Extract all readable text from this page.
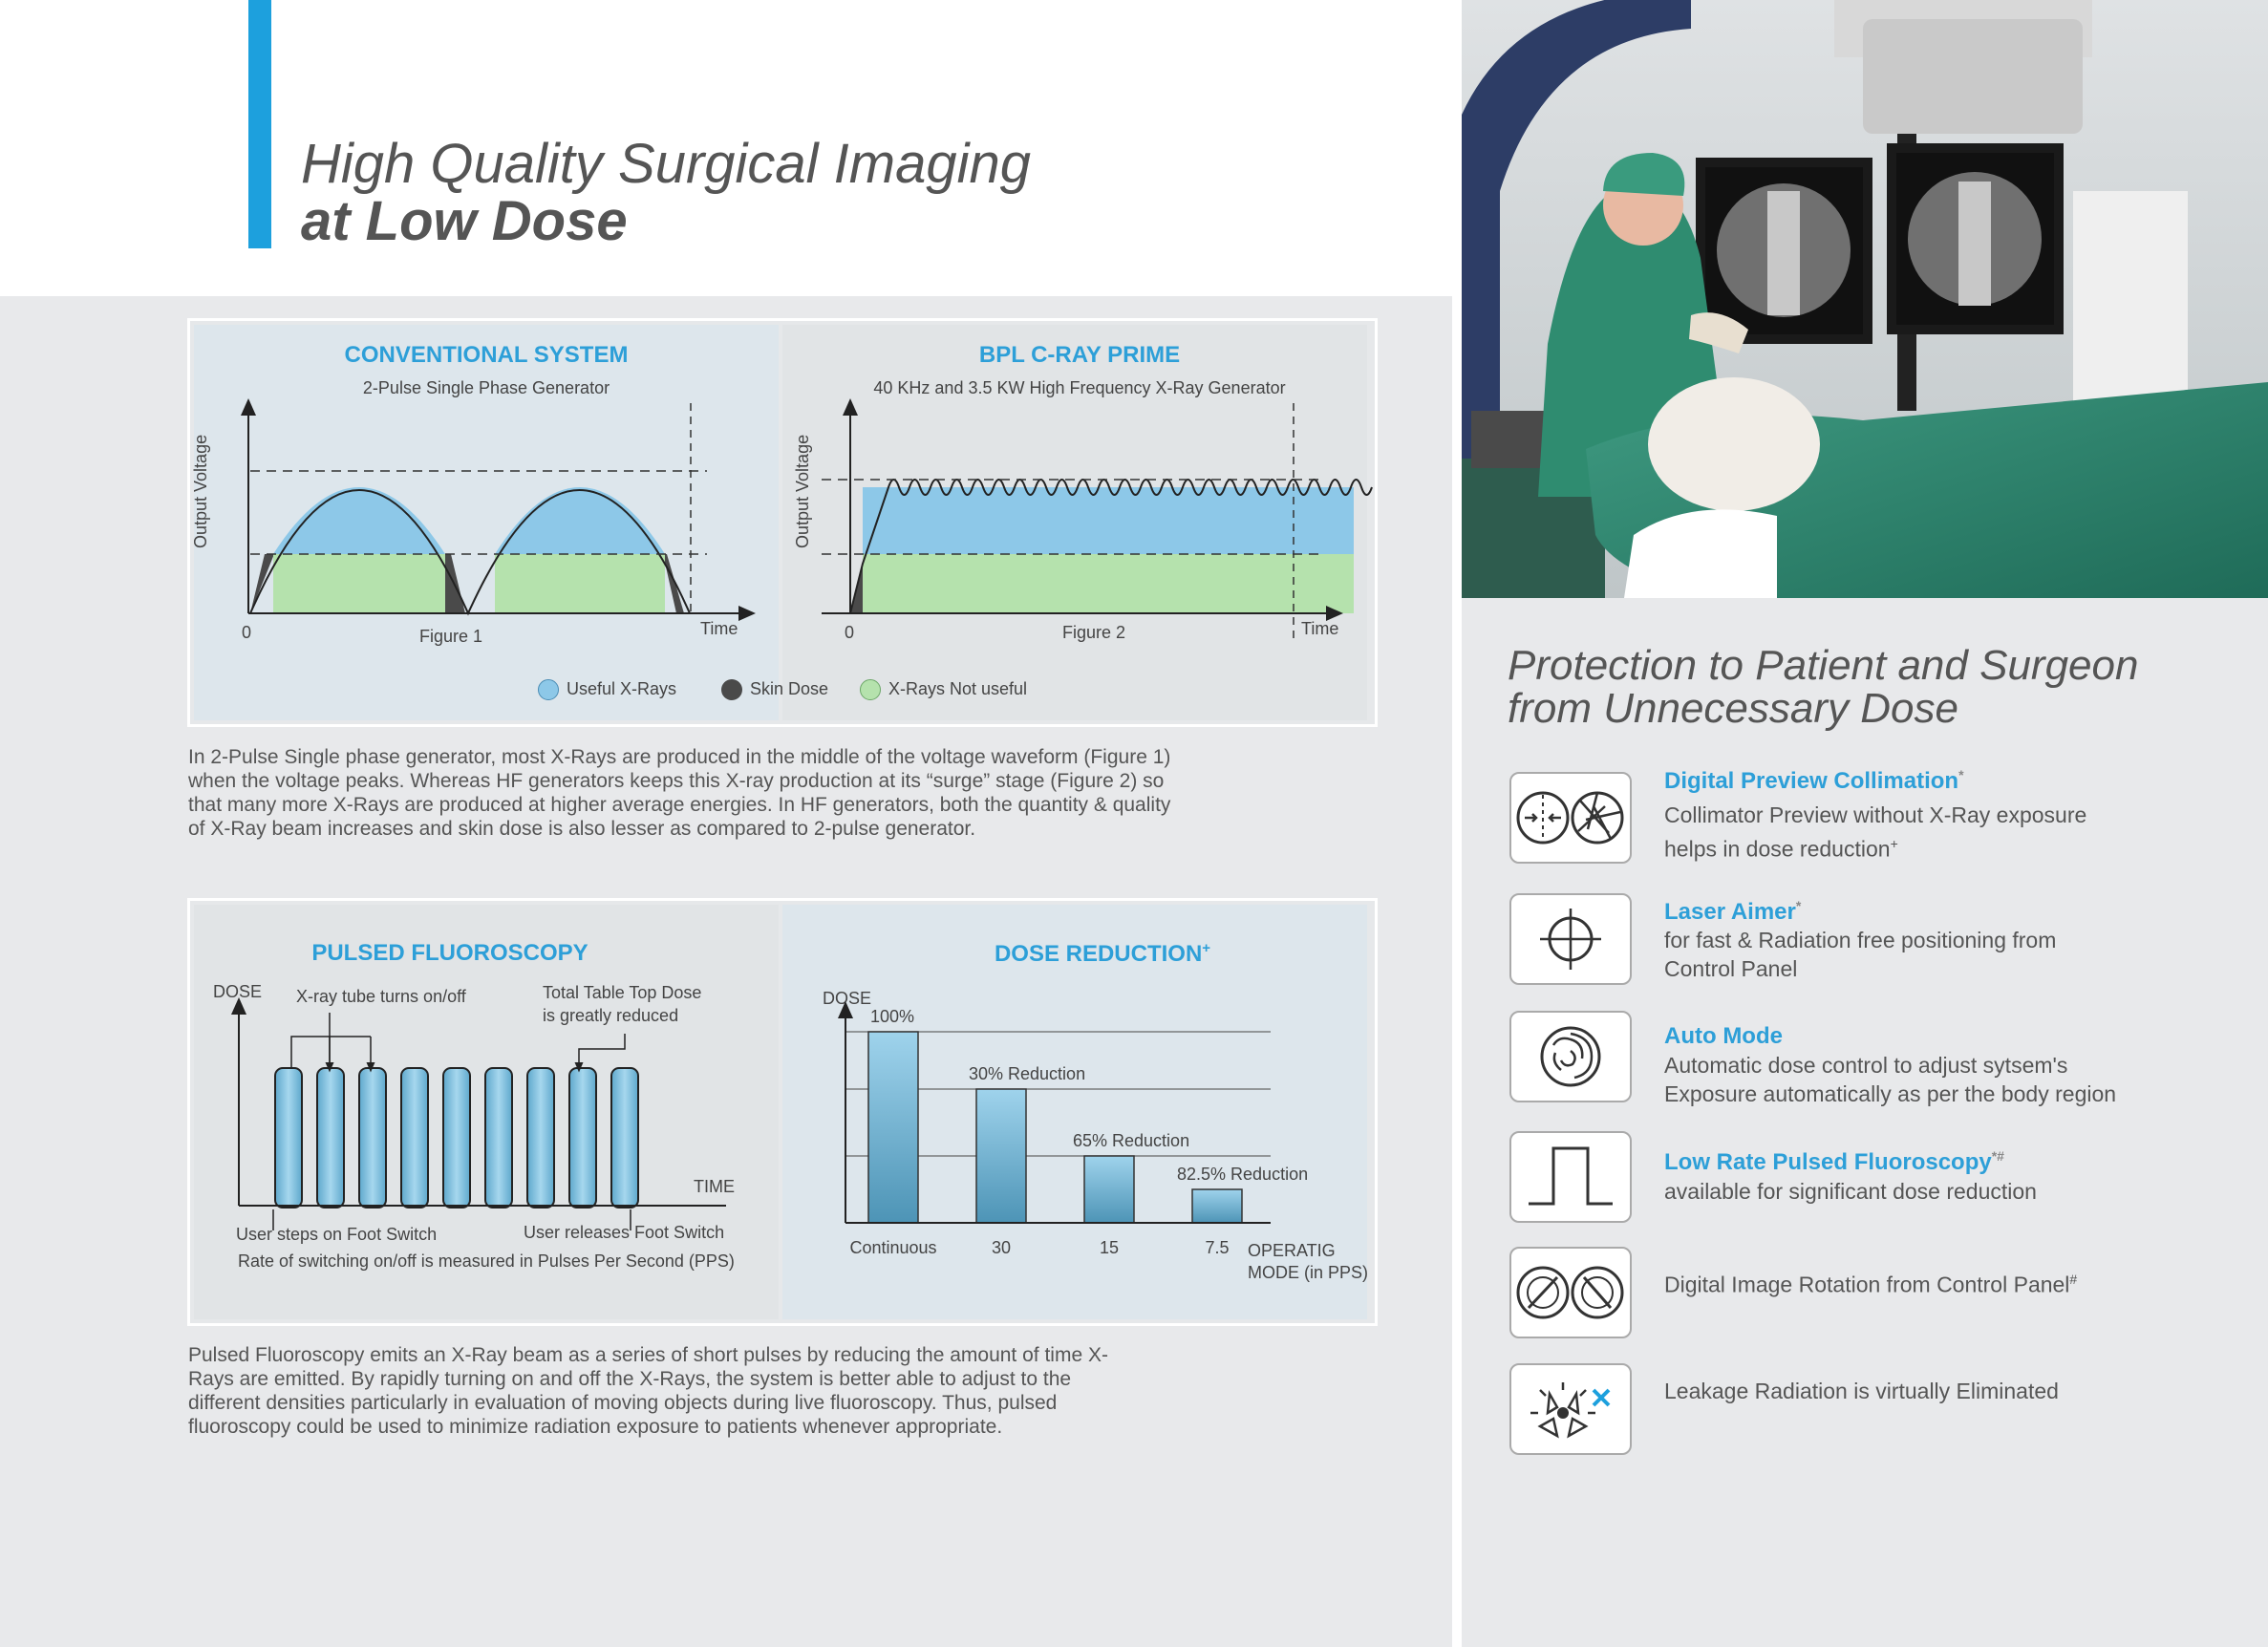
High Quality Surgical Imaging
at Low Dose
CONVENTIONAL SYSTEM
2-Pulse Single Phase Generator
BPL C-RAY PRIME
40 KHz and 3.5 KW High Frequency X-Ray Generator
Output Voltage
0	Figure 1	Time
Output Voltage
0	Figure 2	Time
Useful X-Rays	Skin Dose	X-Rays Not useful
In 2-Pulse Single phase generator, most X-Rays are produced in the middle of the voltage waveform (Figure 1) when the voltage peaks. Whereas HF generators keeps this X-ray production at its “surge” stage (Figure 2) so that many more X-Rays are produced at higher average energies. In HF generators, both the quantity & quality of X-Ray beam increases and skin dose is also lesser as compared to 2-pulse generator.
PULSED FLUOROSCOPY
DOSE X-ray tube turns on/off	Total Table Top Dose
is greatly reduced
TIME
User steps on Foot Switch	User releases Foot Switch
Rate of switching on/off is measured in Pulses Per Second (PPS)
DOSE REDUCTION+
DOSE
100%
Continuous
30% Reduction
30
65% Reduction
15
82.5% Reduction
7.5 OPERATIG
MODE (in PPS)
Pulsed Fluoroscopy emits an X-Ray beam as a series of short pulses by reducing the amount of time X-Rays are emitted. By rapidly turning on and off the X-Rays, the system is better able to adjust to the different densities particularly in evaluation of moving objects during live fluoroscopy. Thus, pulsed fluoroscopy could be used to minimize radiation exposure to patients whenever appropriate.
Protection to Patient and Surgeon
from Unnecessary Dose
Digital Preview Collimation*
Collimator Preview without X-Ray exposure
helps in dose reduction+
Laser Aimer*
for fast & Radiation free positioning from
Control Panel
Auto Mode
Automatic dose control to adjust sytsem's
Exposure automatically as per the body region
Low Rate Pulsed Fluoroscopy*#
available for significant dose reduction
Digital Image Rotation from Control Panel#
Leakage Radiation is virtually Eliminated
